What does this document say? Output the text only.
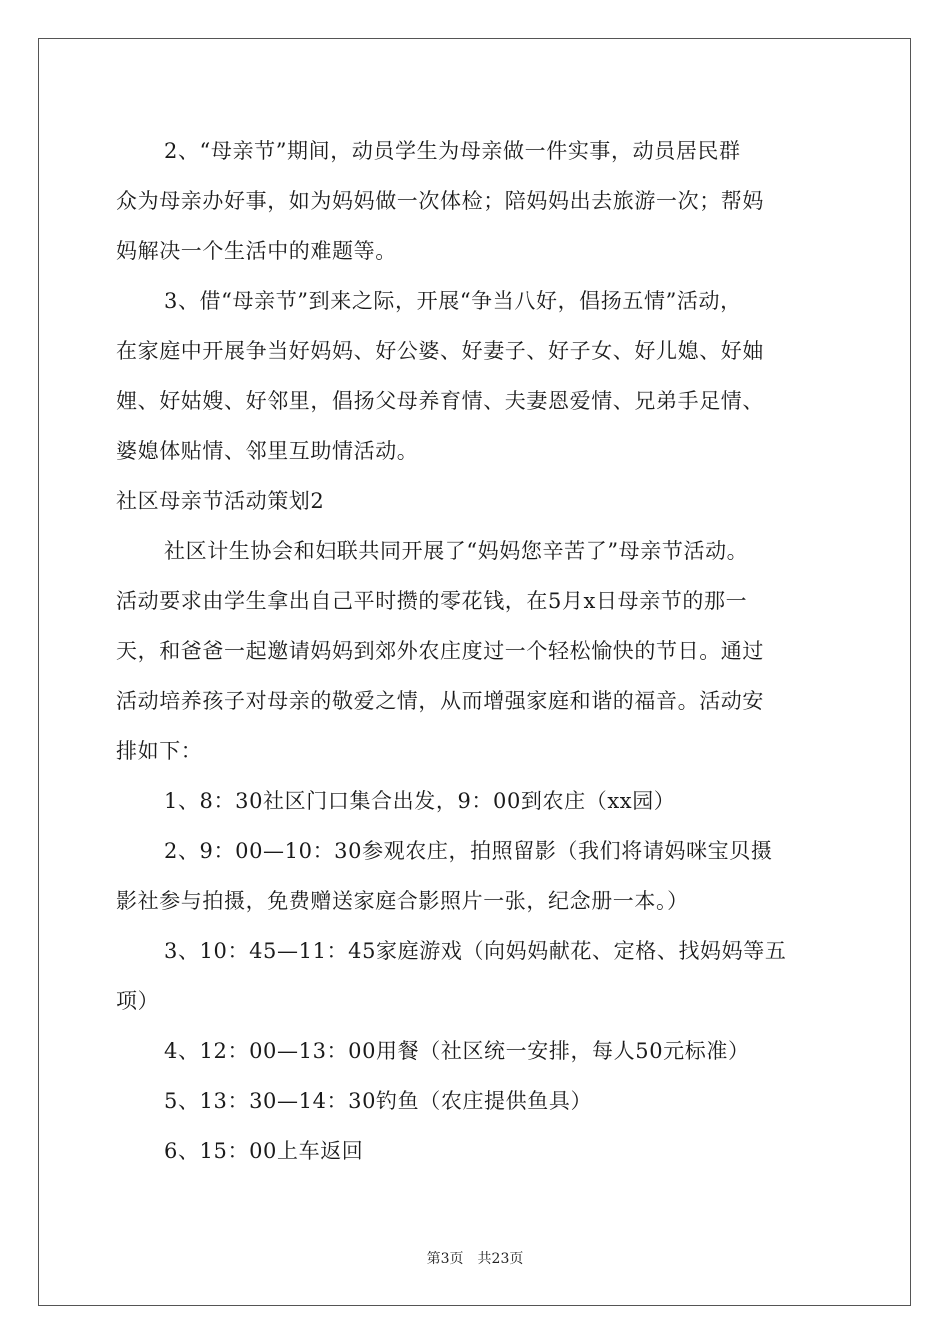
2、“母亲节”期间，动员学生为母亲做一件实事，动员居民群
众为母亲办好事，如为妈妈做一次体检；陪妈妈出去旅游一次；帮妈
妈解决一个生活中的难题等。
3、借“母亲节”到来之际，开展“争当八好，倡扬五情”活动，
在家庭中开展争当好妈妈、好公婆、好妻子、好子女、好儿媳、好妯
娌、好姑嫂、好邻里，倡扬父母养育情、夫妻恩爱情、兄弟手足情、
婆媳体贴情、邻里互助情活动。
社区母亲节活动策划2
社区计生协会和妇联共同开展了“妈妈您辛苦了”母亲节活动。
活动要求由学生拿出自己平时攒的零花钱，在5月x日母亲节的那一
天，和爸爸一起邀请妈妈到郊外农庄度过一个轻松愉快的节日。通过
活动培养孩子对母亲的敬爱之情，从而增强家庭和谐的福音。活动安
排如下：
1、8：30社区门口集合出发，9：00到农庄（xx园）
2、9：00—10：30参观农庄，拍照留影（我们将请妈咪宝贝摄
影社参与拍摄，免费赠送家庭合影照片一张，纪念册一本。）
3、10：45—11：45家庭游戏（向妈妈献花、定格、找妈妈等五
项）
4、12：00—13：00用餐（社区统一安排，每人50元标准）
5、13：30—14：30钓鱼（农庄提供鱼具）
6、15：00上车返回
第3页 共23页
